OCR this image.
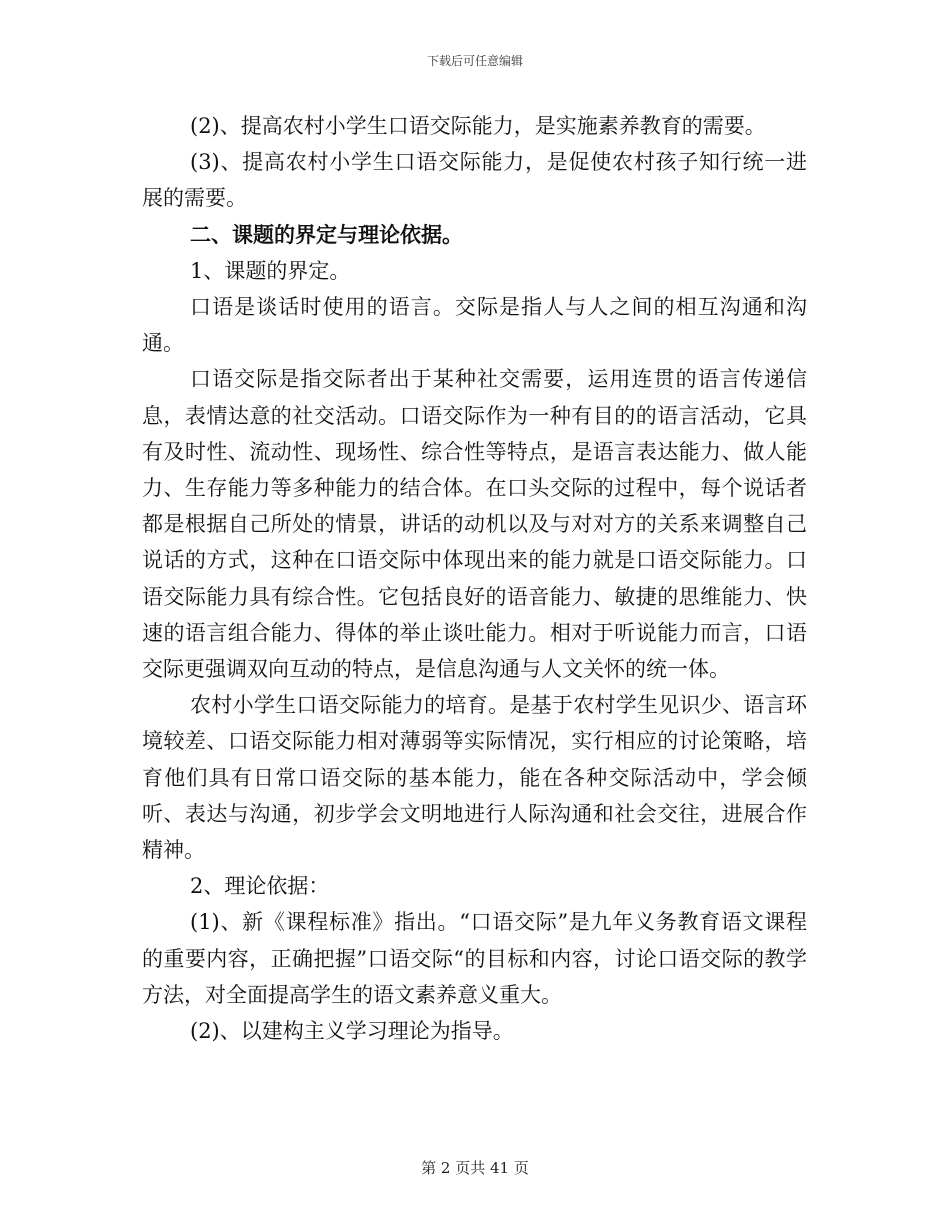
下载后可任意编辑

(2)、提高农村小学生口语交际能力，是实施素养教育的需要。

(3)、提高农村小学生口语交际能力，是促使农村孩子知行统一进展的需要。

二、课题的界定与理论依据。

1、课题的界定。

口语是谈话时使用的语言。交际是指人与人之间的相互沟通和沟通。

口语交际是指交际者出于某种社交需要，运用连贯的语言传递信息，表情达意的社交活动。口语交际作为一种有目的的语言活动，它具有及时性、流动性、现场性、综合性等特点，是语言表达能力、做人能力、生存能力等多种能力的结合体。在口头交际的过程中，每个说话者都是根据自己所处的情景，讲话的动机以及与对对方的关系来调整自己说话的方式，这种在口语交际中体现出来的能力就是口语交际能力。口语交际能力具有综合性。它包括良好的语音能力、敏捷的思维能力、快速的语言组合能力、得体的举止谈吐能力。相对于听说能力而言，口语交际更强调双向互动的特点，是信息沟通与人文关怀的统一体。

农村小学生口语交际能力的培育。是基于农村学生见识少、语言环境较差、口语交际能力相对薄弱等实际情况，实行相应的讨论策略，培育他们具有日常口语交际的基本能力，能在各种交际活动中，学会倾听、表达与沟通，初步学会文明地进行人际沟通和社会交往，进展合作精神。

2、理论依据：

(1)、新《课程标准》指出。“口语交际”是九年义务教育语文课程的重要内容，正确把握”口语交际“的目标和内容，讨论口语交际的教学方法，对全面提高学生的语文素养意义重大。

(2)、以建构主义学习理论为指导。

第 2 页共 41 页
